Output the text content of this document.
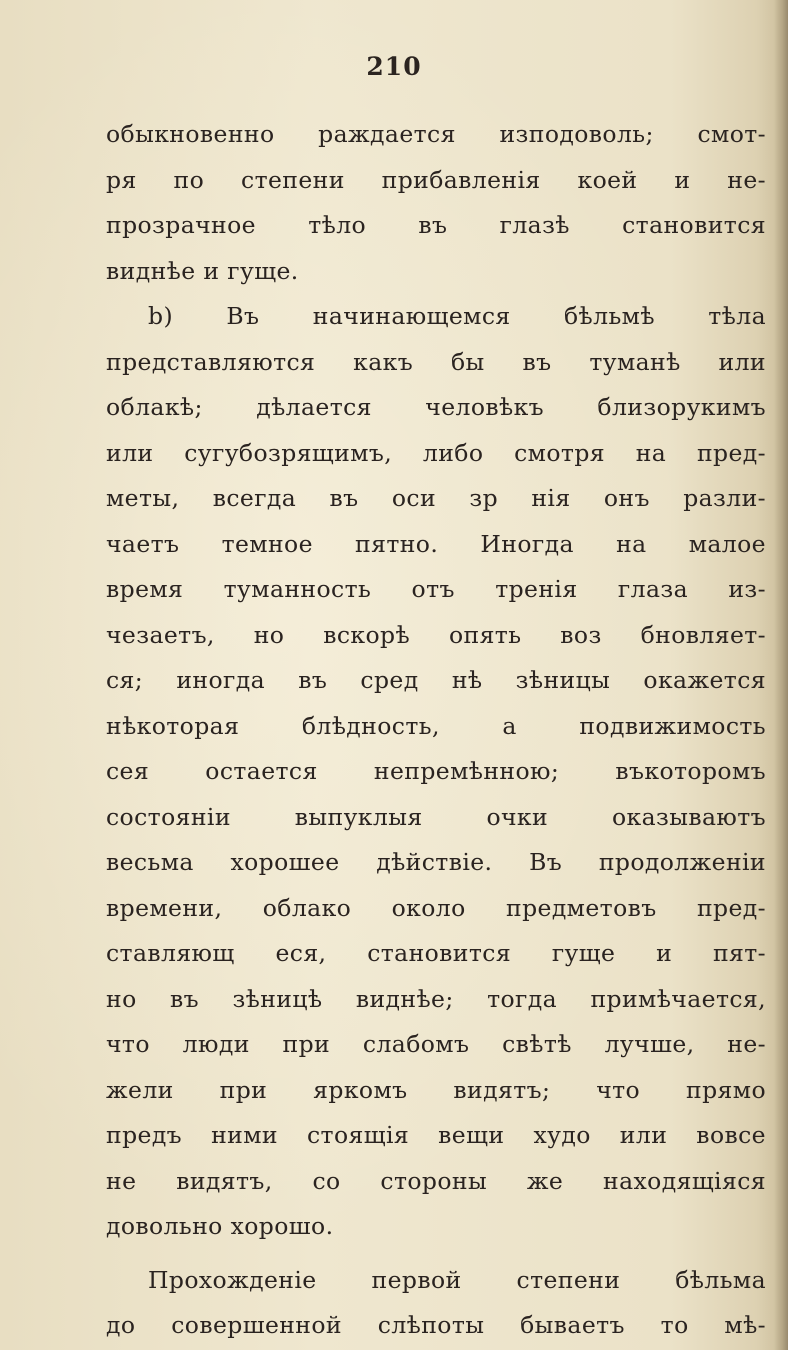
210
обыкновенно раждается изподоволь; смот-
ря по степени прибавленія коей и не-
прозрачное тѣло въ глазѣ становится
виднѣе и гуще.
b) Въ начинающемся бѣльмѣ тѣла
представляются какъ бы въ туманѣ или
облакѣ; дѣлается человѣкъ близорукимъ
или сугубозрящимъ, либо смотря на пред-
меты, всегда въ оси зр нія онъ разли-
чаетъ темное пятно. Иногда на малое
время туманность отъ тренія глаза из-
чезаетъ, но вскорѣ опять воз бновляет-
ся; иногда въ сред нѣ зѣницы окажется
нѣкоторая блѣдность, а подвижимость
сея остается непремѣнною; въкоторомъ
состояніи выпуклыя очки оказываютъ
весьма хорошее дѣйствіе. Въ продолженіи
времени, облако около предметовъ пред-
ставляющ еся, становится гуще и пят-
но въ зѣницѣ виднѣе; тогда примѣчается,
что люди при слабомъ свѣтѣ лучше, не-
жели при яркомъ видятъ; что прямо
предъ ними стоящія вещи худо или вовсе
не видятъ, со стороны же находящіяся
довольно хорошо.
Прохожденіе первой степени бѣльма
до совершенной слѣпоты бываетъ то мѣ-
